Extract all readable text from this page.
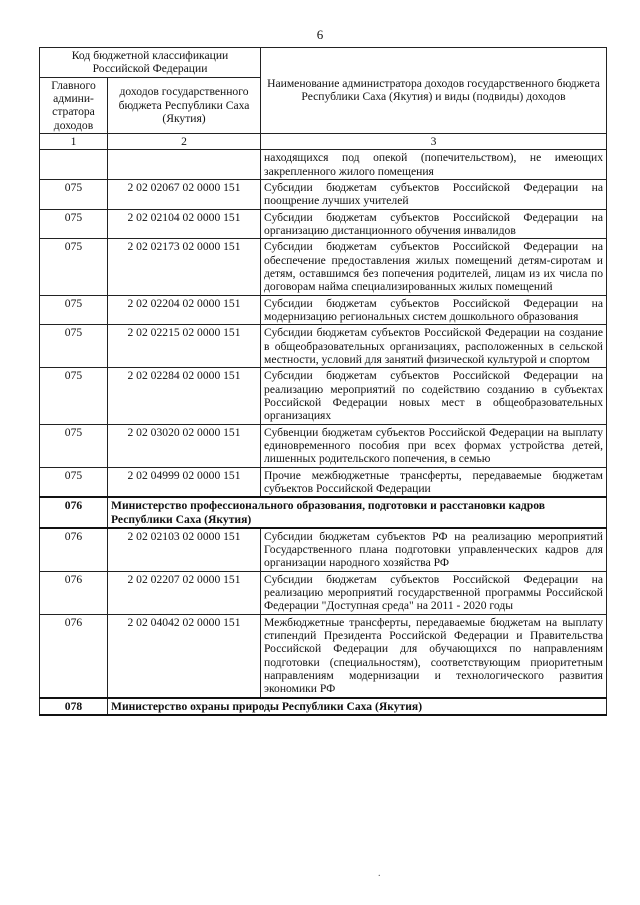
6
Код бюджетной классификации Российской Федерации		Наименование администратора доходов государственного бюджета Республики Саха (Якутия) и виды (подвиды) доходов
Главного админи-стратора доходов	доходов государственного бюджета Республики Саха (Якутия)	
1	2	3
		находящихся под опекой (попечительством), не имеющих закрепленного жилого помещения
075	2 02 02067 02 0000 151	Субсидии бюджетам субъектов Российской Федерации на поощрение лучших учителей
075	2 02 02104 02 0000 151	Субсидии бюджетам субъектов Российской Федерации на организацию дистанционного обучения инвалидов
075	2 02 02173 02 0000 151	Субсидии бюджетам субъектов Российской Федерации на обеспечение предоставления жилых помещений детям-сиротам и детям, оставшимся без попечения родителей, лицам из их числа по договорам найма специализированных жилых помещений
075	2 02 02204 02 0000 151	Субсидии бюджетам субъектов Российской Федерации на модернизацию региональных систем дошкольного образования
075	2 02 02215 02 0000 151	Субсидии бюджетам субъектов Российской Федерации на создание в общеобразовательных организациях, расположенных в сельской местности, условий для занятий физической культурой и спортом
075	2 02 02284 02 0000 151	Субсидии бюджетам субъектов Российской Федерации на реализацию мероприятий по содействию созданию в субъектах Российской Федерации новых мест в общеобразовательных организациях
075	2 02 03020 02 0000 151	Субвенции бюджетам субъектов Российской Федерации на выплату единовременного пособия при всех формах устройства детей, лишенных родительского попечения, в семью
075	2 02 04999 02 0000 151	Прочие межбюджетные трансферты, передаваемые бюджетам субъектов Российской Федерации
076	Министерство профессионального образования, подготовки и расстановки кадров Республики Саха (Якутия)	
076	2 02 02103 02 0000 151	Субсидии бюджетам субъектов РФ на реализацию мероприятий Государственного плана подготовки управленческих кадров для организации народного хозяйства РФ
076	2 02 02207 02 0000 151	Субсидии бюджетам субъектов Российской Федерации на реализацию мероприятий государственной программы Российской Федерации "Доступная среда" на 2011 - 2020 годы
076	2 02 04042 02 0000 151	Межбюджетные трансферты, передаваемые бюджетам на выплату стипендий Президента Российской Федерации и Правительства Российской Федерации для обучающихся по направлениям подготовки (специальностям), соответствующим приоритетным направлениям модернизации и технологического развития экономики РФ
078	Министерство охраны природы Республики Саха (Якутия)	
.
